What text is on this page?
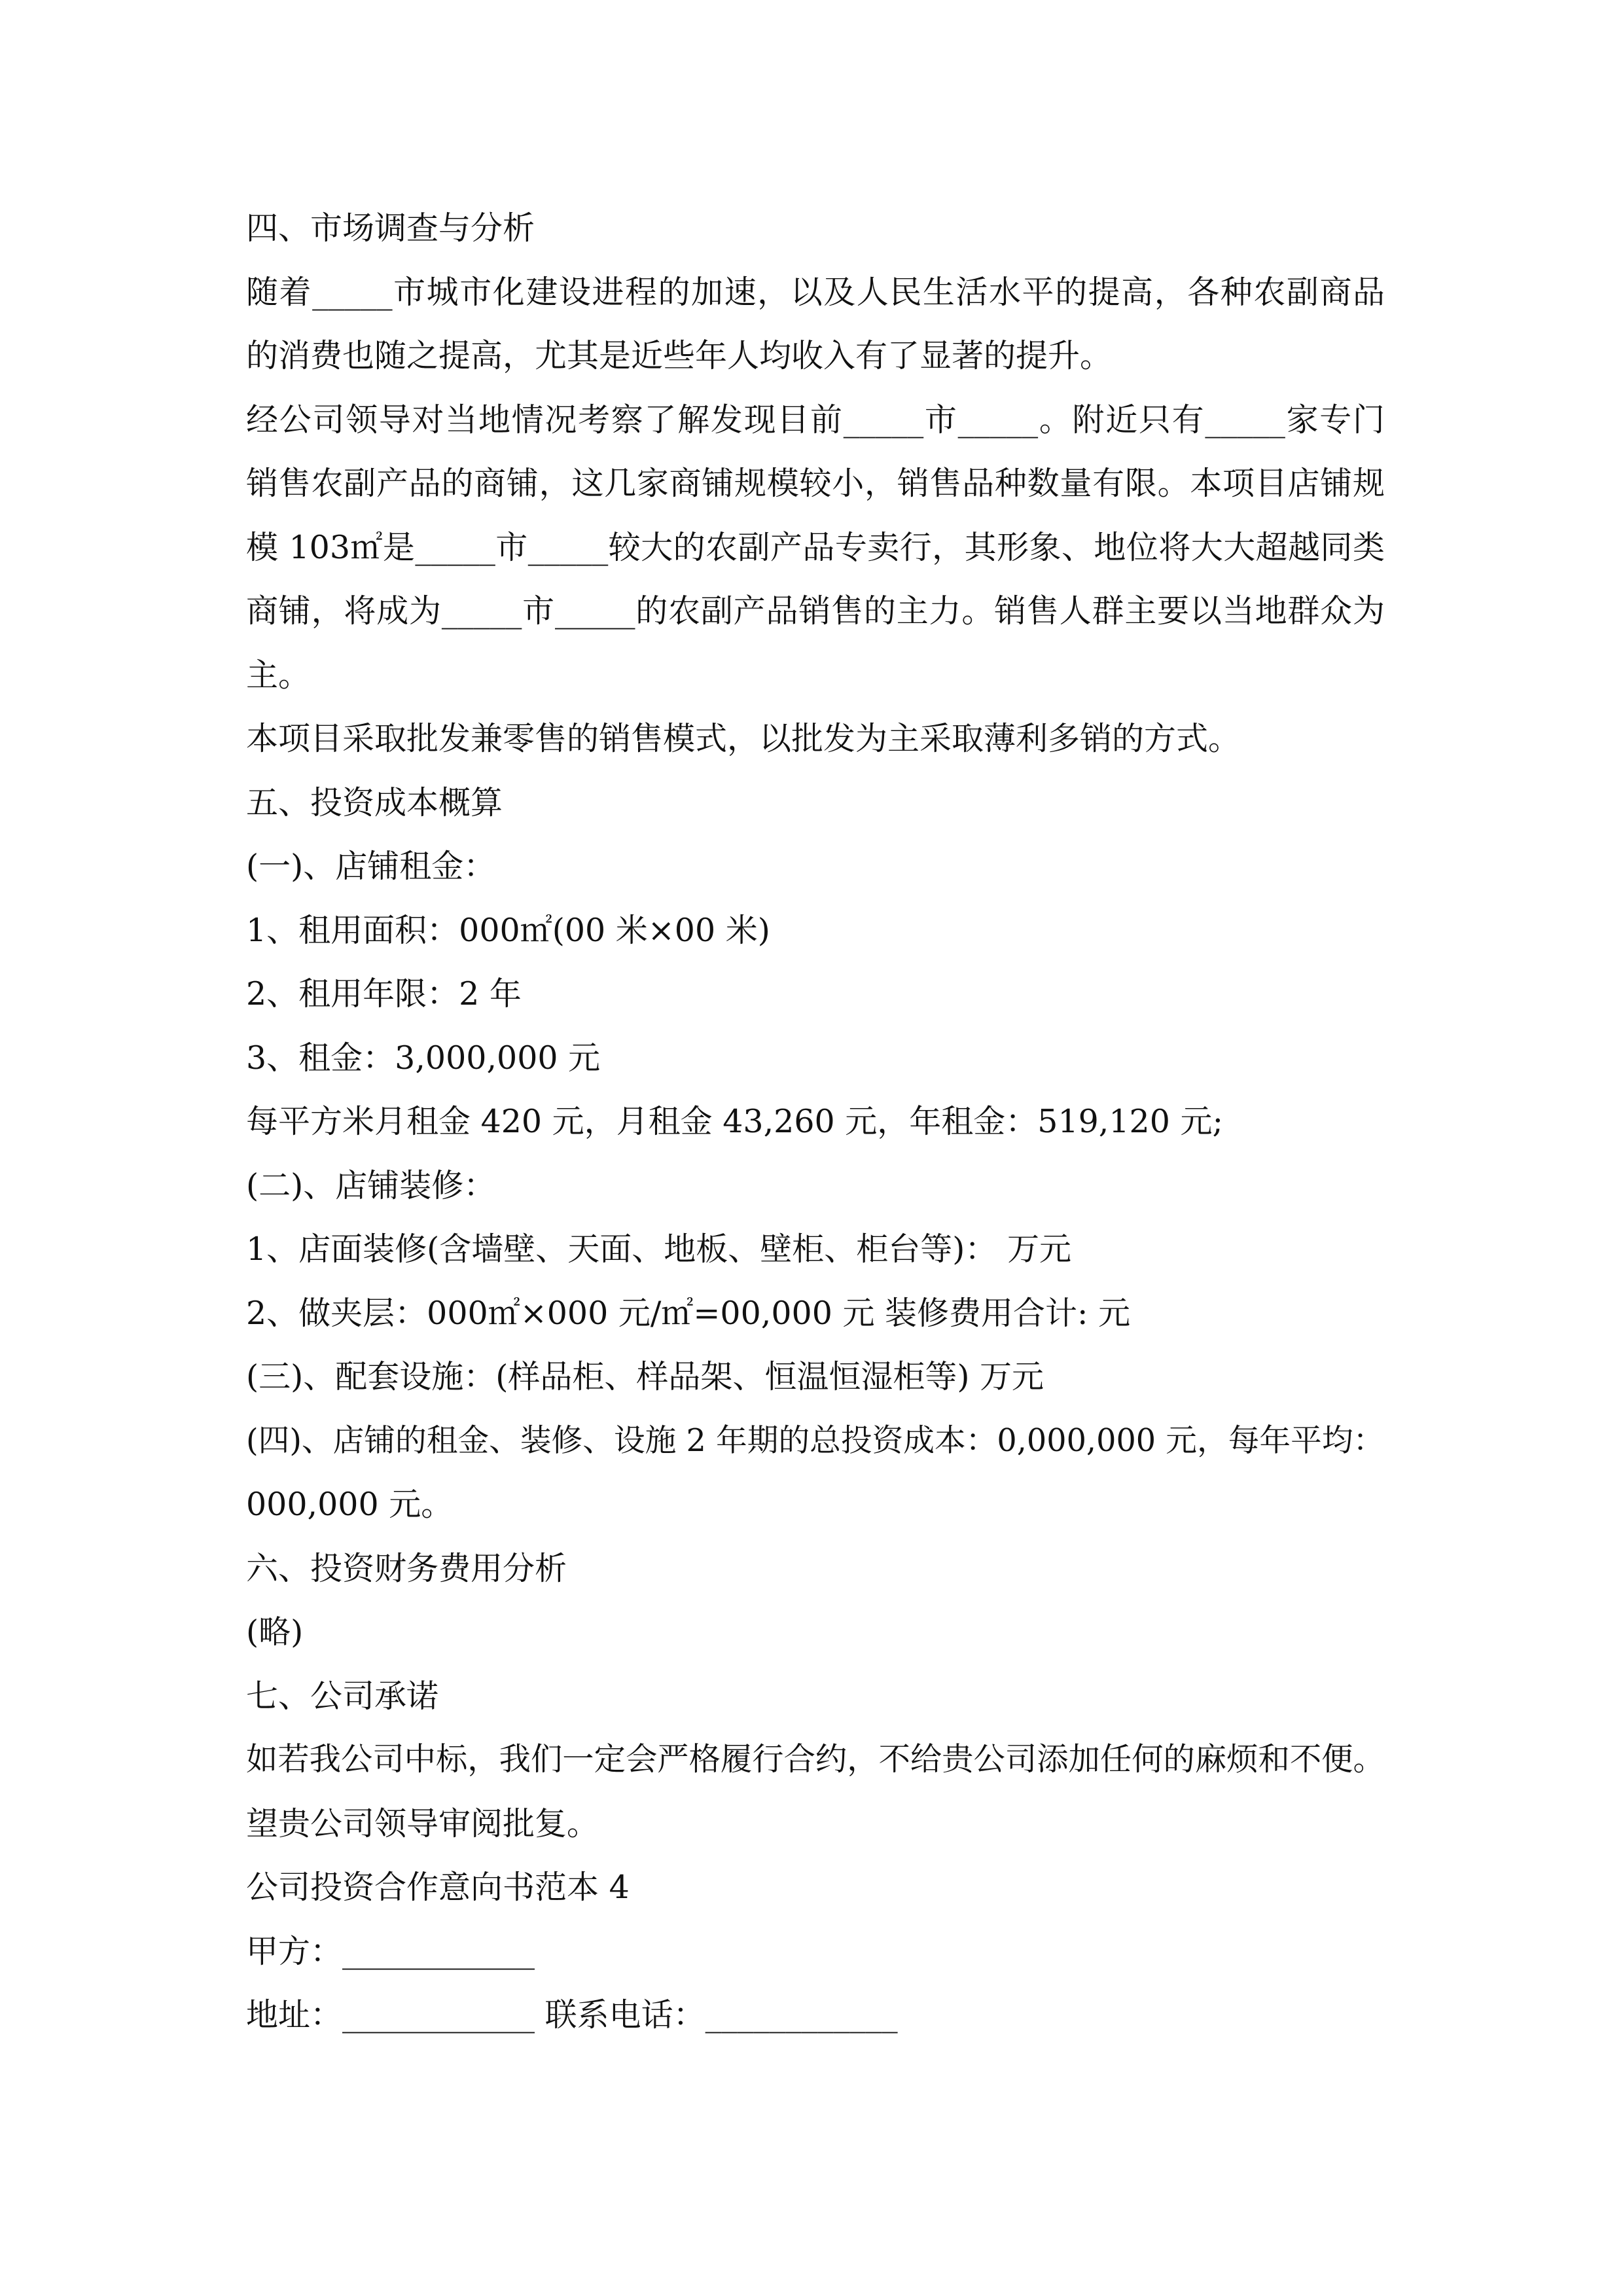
四、市场调查与分析
随着_____市城市化建设进程的加速，以及人民生活水平的提高，各种农副商品
的消费也随之提高，尤其是近些年人均收入有了显著的提升。
经公司领导对当地情况考察了解发现目前_____市_____。附近只有_____家专门
销售农副产品的商铺，这几家商铺规模较小，销售品种数量有限。本项目店铺规
模 103㎡是_____市_____较大的农副产品专卖行，其形象、地位将大大超越同类
商铺，将成为_____市_____的农副产品销售的主力。销售人群主要以当地群众为
主。
本项目采取批发兼零售的销售模式，以批发为主采取薄利多销的方式。
五、投资成本概算
(一)、店铺租金：
1、租用面积：000㎡(00 米×00 米)
2、租用年限：2 年
3、租金：3,000,000 元
每平方米月租金 420 元，月租金 43,260 元，年租金：519,120 元;
(二)、店铺装修：
1、店面装修(含墙壁、天面、地板、壁柜、柜台等)： 万元
2、做夹层：000㎡×000 元/㎡=00,000 元 装修费用合计: 元
(三)、配套设施：(样品柜、样品架、恒温恒湿柜等) 万元
(四)、店铺的租金、装修、设施 2 年期的总投资成本：0,000,000 元，每年平均：
000,000 元。
六、投资财务费用分析
(略)
七、公司承诺
如若我公司中标，我们一定会严格履行合约，不给贵公司添加任何的麻烦和不便。
望贵公司领导审阅批复。
公司投资合作意向书范本 4
甲方：____________
地址：____________ 联系电话：____________
